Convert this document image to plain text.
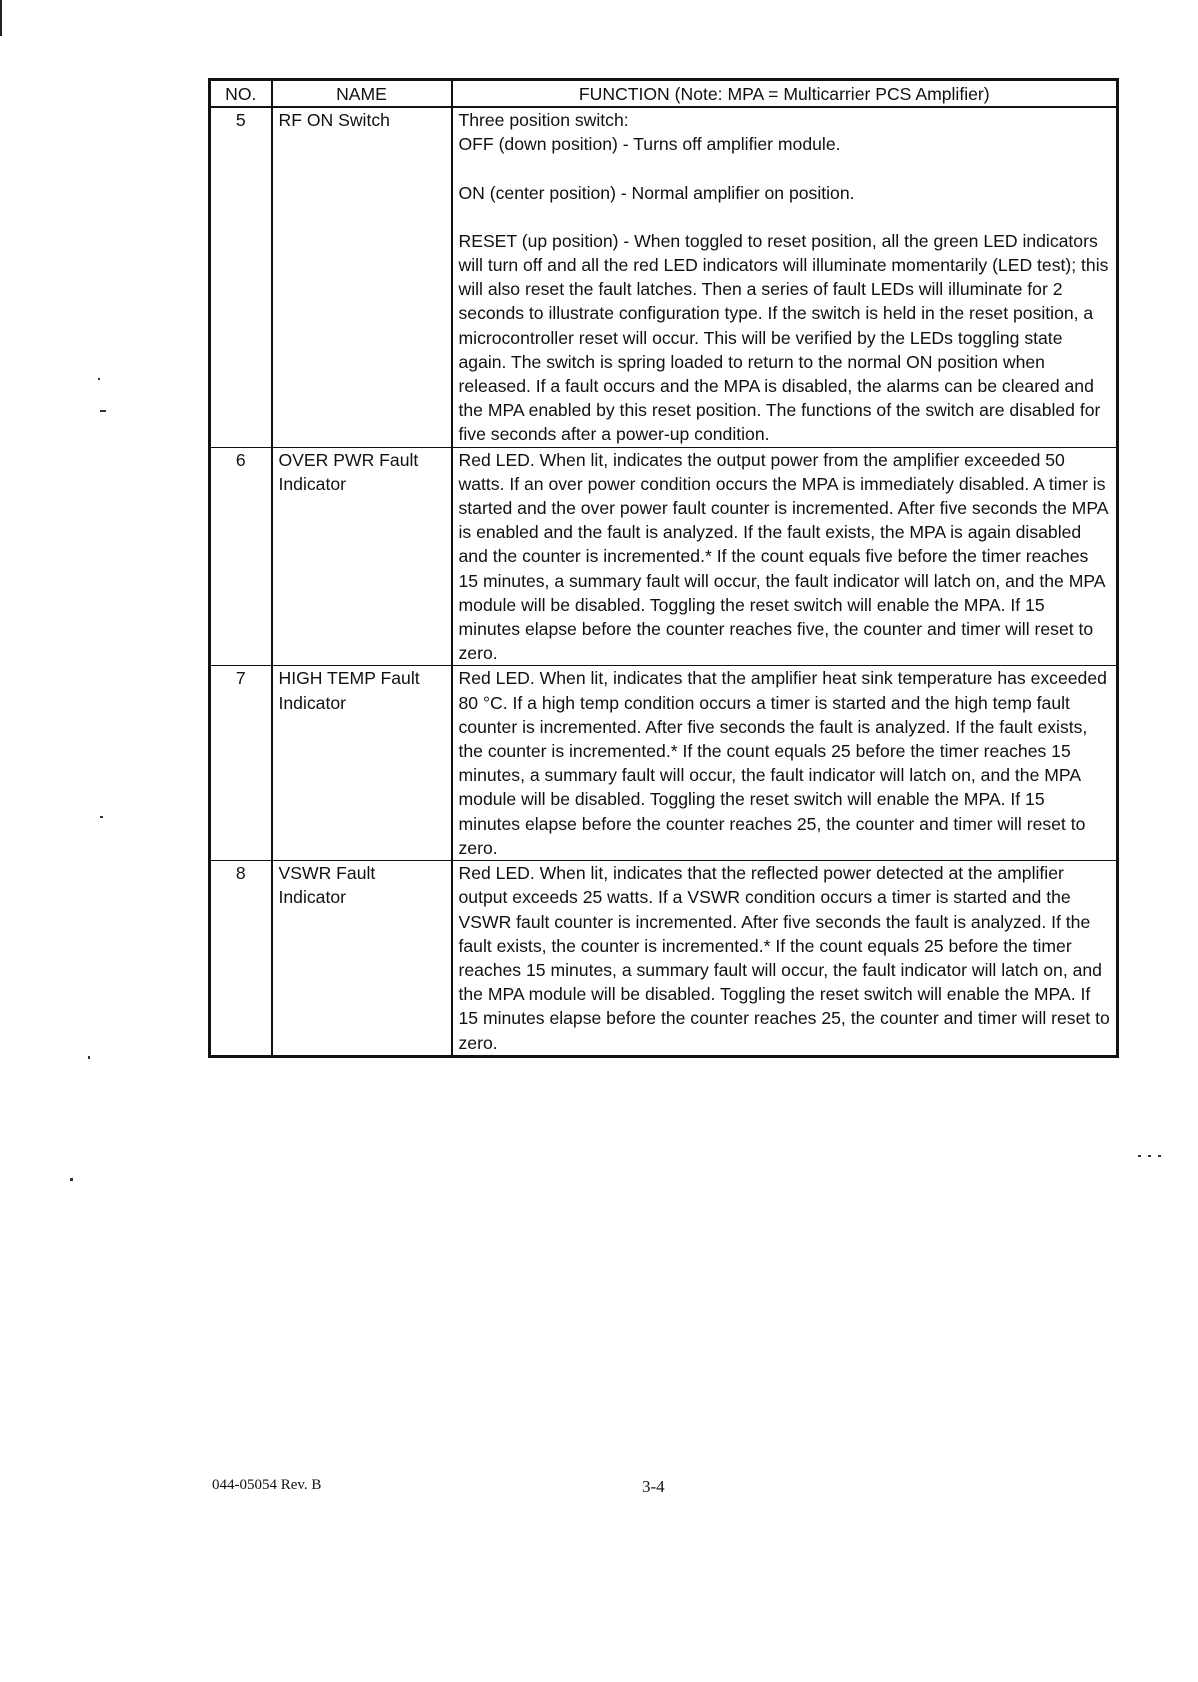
NO.	NAME	FUNCTION (Note: MPA = Multicarrier PCS Amplifier)
5	RF ON Switch	Three position switch:

OFF (down position) - Turns off amplifier module.

ON (center position) - Normal amplifier on position.

RESET (up position) - When toggled to reset position, all the green LED indicators will turn off and all the red LED indicators will illuminate momentarily (LED test); this will also reset the fault latches. Then a series of fault LEDs will illuminate for 2 seconds to illustrate configuration type. If the switch is held in the reset position, a microcontroller reset will occur. This will be verified by the LEDs toggling state again. The switch is spring loaded to return to the normal ON position when released. If a fault occurs and the MPA is disabled, the alarms can be cleared and the MPA enabled by this reset position. The functions of the switch are disabled for five seconds after a power-up condition.

6	OVER PWR Fault Indicator	Red LED. When lit, indicates the output power from the amplifier exceeded 50 watts. If an over power condition occurs the MPA is immediately disabled. A timer is started and the over power fault counter is incremented. After five seconds the MPA is enabled and the fault is analyzed. If the fault exists, the MPA is again disabled and the counter is incremented.* If the count equals five before the timer reaches 15 minutes, a summary fault will occur, the fault indicator will latch on, and the MPA module will be disabled. Toggling the reset switch will enable the MPA. If 15 minutes elapse before the counter reaches five, the counter and timer will reset to zero.

7	HIGH TEMP Fault Indicator	Red LED. When lit, indicates that the amplifier heat sink temperature has exceeded 80 °C. If a high temp condition occurs a timer is started and the high temp fault counter is incremented. After five seconds the fault is analyzed. If the fault exists, the counter is incremented.* If the count equals 25 before the timer reaches 15 minutes, a summary fault will occur, the fault indicator will latch on, and the MPA module will be disabled. Toggling the reset switch will enable the MPA. If 15 minutes elapse before the counter reaches 25, the counter and timer will reset to zero.

8	VSWR Fault Indicator	Red LED. When lit, indicates that the reflected power detected at the amplifier output exceeds 25 watts. If a VSWR condition occurs a timer is started and the VSWR fault counter is incremented. After five seconds the fault is analyzed. If the fault exists, the counter is incremented.* If the count equals 25 before the timer reaches 15 minutes, a summary fault will occur, the fault indicator will latch on, and the MPA module will be disabled. Toggling the reset switch will enable the MPA. If 15 minutes elapse before the counter reaches 25, the counter and timer will reset to zero.

044-05054 Rev. B	3-4
